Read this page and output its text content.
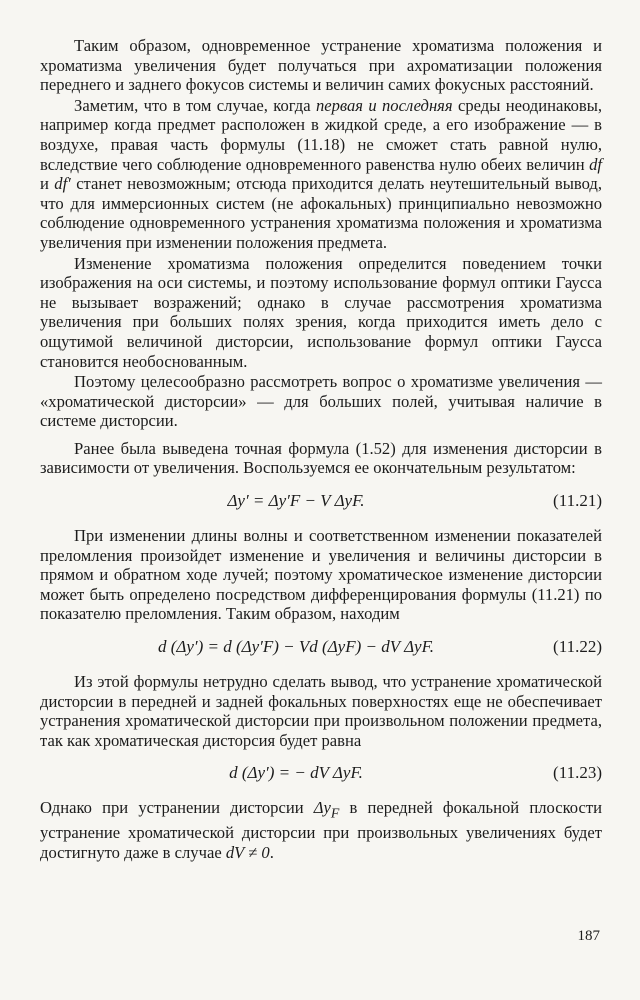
Таким образом, одновременное устранение хроматизма положения и хроматизма увеличения будет получаться при ахроматизации положения переднего и заднего фокусов системы и величин самих фокусных расстояний.

Заметим, что в том случае, когда первая и последняя среды неодинаковы, например когда предмет расположен в жидкой среде, а его изображение — в воздухе, правая часть формулы (11.18) не сможет стать равной нулю, вследствие чего соблюдение одновременного равенства нулю обеих величин df и df′ станет невозможным; отсюда приходится делать неутешительный вывод, что для иммерсионных систем (не афокальных) принципиально невозможно соблюдение одновременного устранения хроматизма положения и хроматизма увеличения при изменении положения предмета.

Изменение хроматизма положения определится поведением точки изображения на оси системы, и поэтому использование формул оптики Гаусса не вызывает возражений; однако в случае рассмотрения хроматизма увеличения при больших полях зрения, когда приходится иметь дело с ощутимой величиной дисторсии, использование формул оптики Гаусса становится необоснованным.

Поэтому целесообразно рассмотреть вопрос о хроматизме увеличения — «хроматической дисторсии» — для больших полей, учитывая наличие в системе дисторсии.

Ранее была выведена точная формула (1.52) для изменения дисторсии в зависимости от увеличения. Воспользуемся ее окончательным результатом:

Δy′ = Δy′F − V ΔyF.	(11.21)

При изменении длины волны и соответственном изменении показателей преломления произойдет изменение и увеличения и величины дисторсии в прямом и обратном ходе лучей; поэтому хроматическое изменение дисторсии может быть определено посредством дифференцирования формулы (11.21) по показателю преломления. Таким образом, находим

d (Δy′) = d (Δy′F) − Vd (ΔyF) − dV ΔyF.	(11.22)

Из этой формулы нетрудно сделать вывод, что устранение хроматической дисторсии в передней и задней фокальных поверхностях еще не обеспечивает устранения хроматической дисторсии при произвольном положении предмета, так как хроматическая дисторсия будет равна

d (Δy′) = − dV ΔyF.	(11.23)

Однако при устранении дисторсии $\Delta y_F$ в передней фокальной плоскости устранение хроматической дисторсии при произвольных увеличениях будет достигнуто даже в случае dV ≠ 0.

187
